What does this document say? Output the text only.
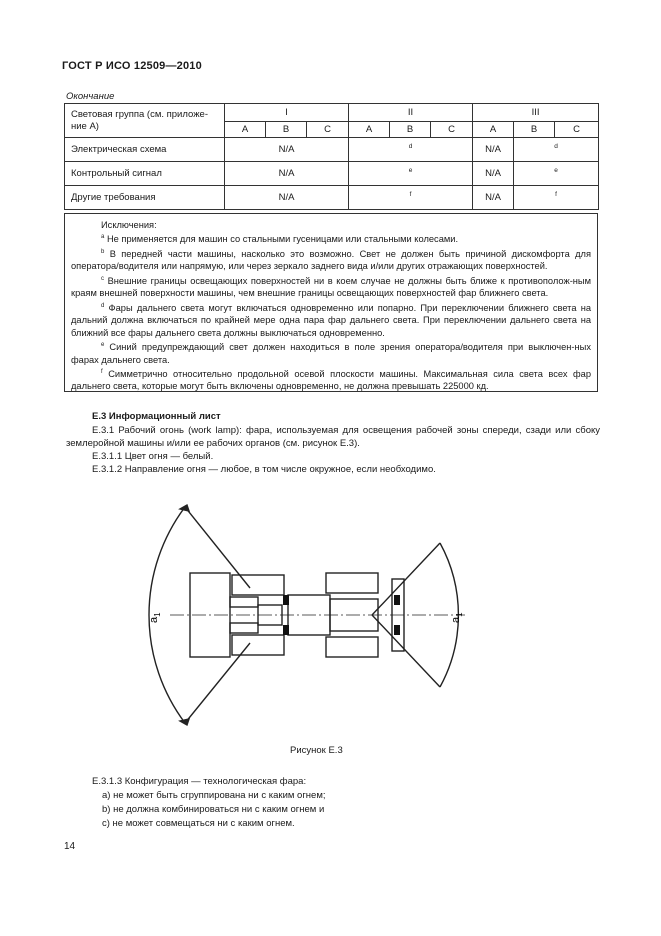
ГОСТ Р ИСО 12509—2010
Окончание
Световая группа (см. приложе-ние А)	I			II			III		
	A	B	C	A	B	C	A	B	C
Электрическая схема	N/A			d			N/A	d	
Контрольный сигнал	N/A			e			N/A	e	
Другие требования	N/A			f			N/A	f	

Исключения:

$^a$ Не применяется для машин со стальными гусеницами или стальными колесами.

$^b$ В передней части машины, насколько это возможно. Свет не должен быть причиной дискомфорта для оператора/водителя или напрямую, или через зеркало заднего вида и/или других отражающих поверхностей.

$^c$ Внешние границы освещающих поверхностей ни в коем случае не должны быть ближе к противополож-ным краям внешней поверхности машины, чем внешние границы освещающих поверхностей фар ближнего света.

$^d$ Фары дальнего света могут включаться одновременно или попарно. При переключении ближнего света на дальний должна включаться по крайней мере одна пара фар дальнего света. При переключении дальнего света на ближний все фары дальнего света должны выключаться одновременно.

$^e$ Синий предупреждающий свет должен находиться в поле зрения оператора/водителя при выключен-ных фарах дальнего света.

$^f$ Симметрично относительно продольной осевой плоскости машины. Максимальная сила света всех фар дальнего света, которые могут быть включены одновременно, не должна превышать 225000 кд.

Е.3 Информационный лист
Е.3.1 Рабочий огонь (work lamp): фара, используемая для освещения рабочей зоны спереди, сзади или сбоку землеройной машины и/или ее рабочих органов (см. рисунок Е.3).
Е.3.1.1 Цвет огня — белый.
Е.3.1.2 Направление огня — любое, в том числе окружное, если необходимо.
$a_1$
$a_1$
Рисунок Е.3
Е.3.1.3 Конфигурация — технологическая фара:
а) не может быть сгруппирована ни с каким огнем;
b) не должна комбинироваться ни с каким огнем и
с) не может совмещаться ни с каким огнем.
14
